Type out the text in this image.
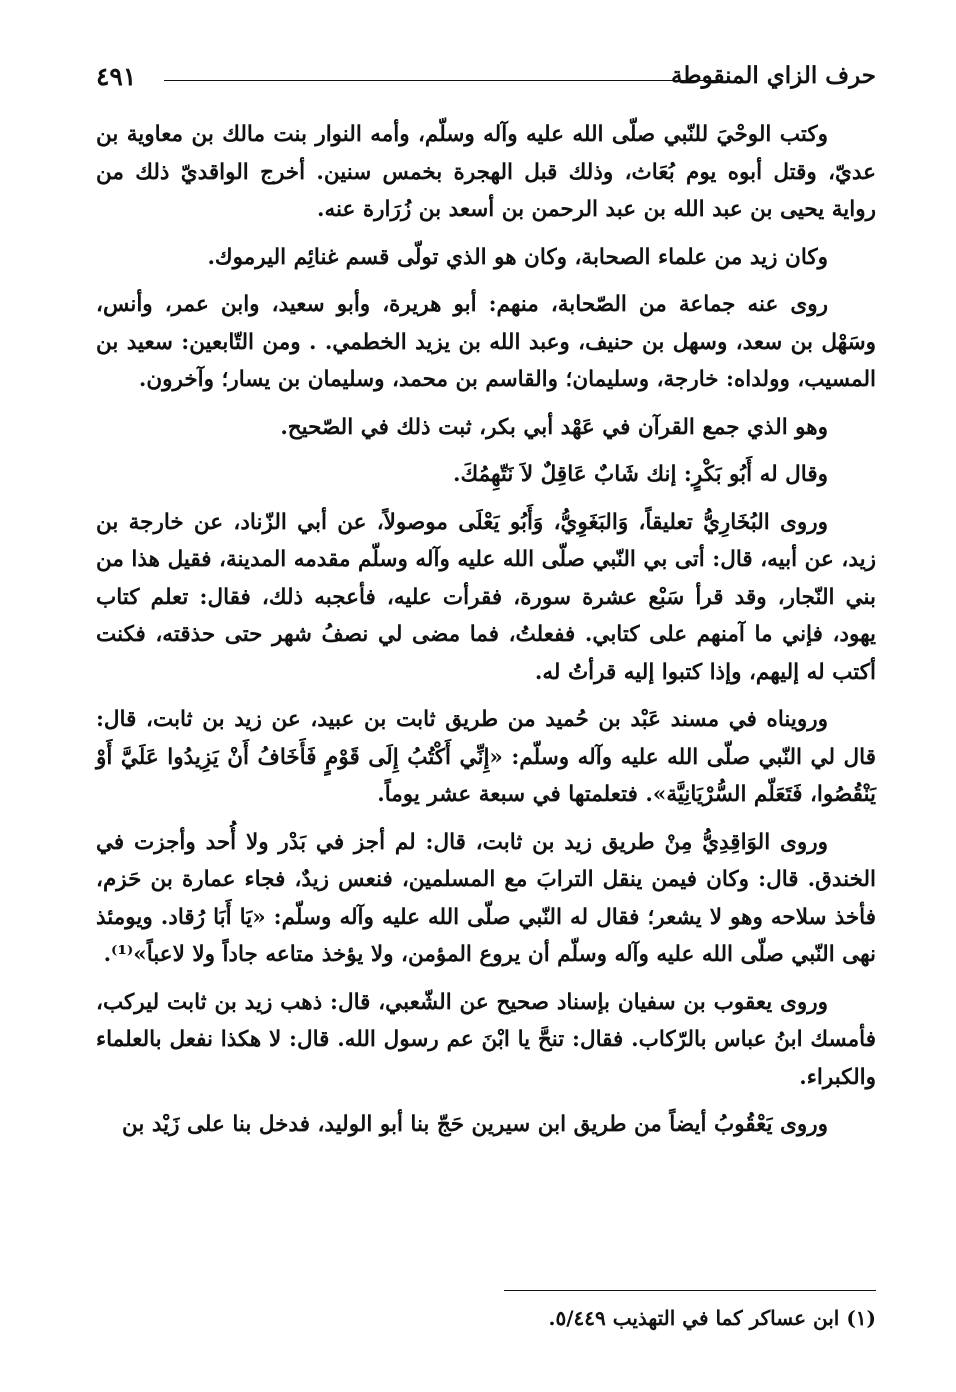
حرف الزاي المنقوطة
٤٩١

وكتب الوحْيَ للنّبي صلّى الله عليه وآله وسلّم، وأمه النوار بنت مالك بن معاوية بن عديّ، وقتل أبوه يوم بُعَاث، وذلك قبل الهجرة بخمس سنين. أخرج الواقديّ ذلك من رواية يحيى بن عبد الله بن عبد الرحمن بن أسعد بن زُرَارة عنه.

وكان زيد من علماء الصحابة، وكان هو الذي تولّى قسم غنائِم اليرموك.

روى عنه جماعة من الصّحابة، منهم: أبو هريرة، وأبو سعيد، وابن عمر، وأنس، وسَهْل بن سعد، وسهل بن حنيف، وعبد الله بن يزيد الخطمي. . ومن التّابعين: سعيد بن المسيب، وولداه: خارجة، وسليمان؛ والقاسم بن محمد، وسليمان بن يسار؛ وآخرون.

وهو الذي جمع القرآن في عَهْد أبي بكر، ثبت ذلك في الصّحيح.

وقال له أَبُو بَكْرٍ: إنك شَابٌ عَاقِلٌ لاَ نَتّهِمُكَ.

وروى البُخَارِيُّ تعليقاً، وَالبَغَوِيُّ، وَأَبُو يَعْلَى موصولاً، عن أبي الزّناد، عن خارجة بن زيد، عن أبيه، قال: أتى بي النّبي صلّى الله عليه وآله وسلّم مقدمه المدينة، فقيل هذا من بني النّجار، وقد قرأ سَبْع عشرة سورة، فقرأت عليه، فأعجبه ذلك، فقال: تعلم كتاب يهود، فإني ما آمنهم على كتابي. ففعلتُ، فما مضى لي نصفُ شهر حتى حذقته، فكنت أكتب له إليهم، وإذا كتبوا إليه قرأتُ له.

ورويناه في مسند عَبْد بن حُميد من طريق ثابت بن عبيد، عن زيد بن ثابت، قال: قال لي النّبي صلّى الله عليه وآله وسلّم: «إِنِّي أَكْتُبُ إِلَى قَوْمٍ فَأَخَافُ أَنْ يَزِيدُوا عَلَيَّ أَوْ يَنْقُصُوا، فَتَعَلّم السُّرْيَانِيَّة». فتعلمتها في سبعة عشر يوماً.

وروى الوَاقِدِيُّ مِنْ طريق زيد بن ثابت، قال: لم أجز في بَدْر ولا أُحد وأجزت في الخندق. قال: وكان فيمن ينقل الترابَ مع المسلمين، فنعس زيدٌ، فجاء عمارة بن حَزم، فأخذ سلاحه وهو لا يشعر؛ فقال له النّبي صلّى الله عليه وآله وسلّم: «يَا أَبَا رُقاد. ويومئذ نهى النّبي صلّى الله عليه وآله وسلّم أن يروع المؤمن، ولا يؤخذ متاعه جاداً ولا لاعباً»⁽¹⁾.

وروى يعقوب بن سفيان بإسناد صحيح عن الشّعبي، قال: ذهب زيد بن ثابت ليركب، فأمسك ابنُ عباس بالرّكاب. فقال: تنحَّ يا ابْنَ عم رسول الله. قال: لا هكذا نفعل بالعلماء والكبراء.

وروى يَعْقُوبُ أيضاً من طريق ابن سيرين حَجّ بنا أبو الوليد، فدخل بنا على زَيْد بن

(١) ابن عساكر كما في التهذيب ٥/٤٤٩.
